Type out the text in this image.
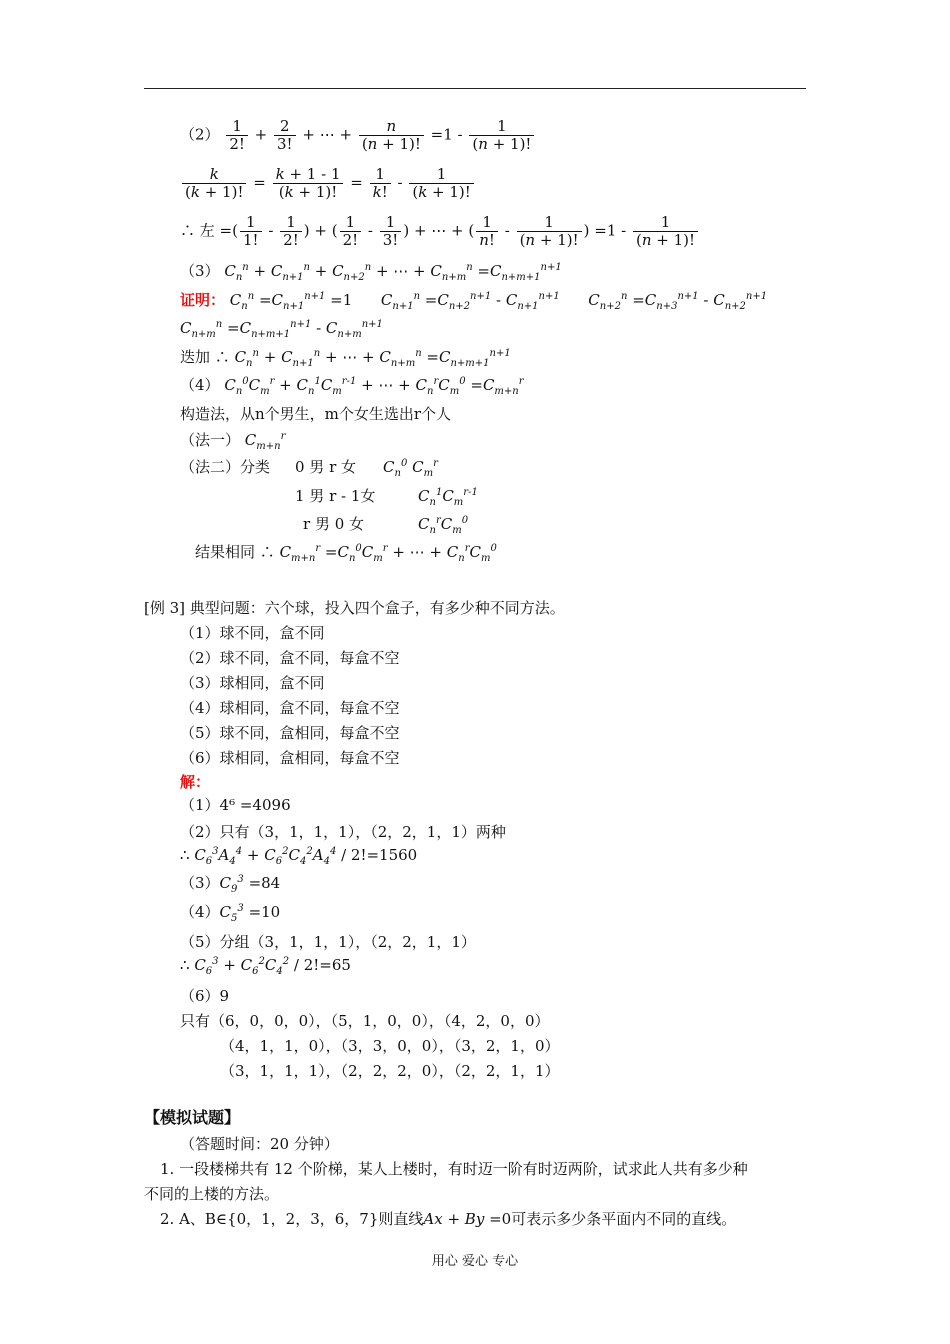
$(2) \frac{1}{2!} + \frac{2}{3!}$ + ⋯ + $\frac{n}{(n + 1)!} =1 - \frac{1}{(n + 1)!}$
$\frac{k}{(k + 1)!} = \frac{k + 1 - 1}{(k + 1)!} = \frac{1}{k!} - \frac{1}{(k + 1)!}$
∴ 左 =( $\frac{1}{1!} - \frac{1}{2!}$ ) + ( $\frac{1}{2!} - \frac{1}{3!}$ ) + ⋯ + ( $\frac{1}{n!} - \frac{1}{(n + 1)!}$ ) $=1 - \frac{1}{(n + 1)!}$
（3） $C_n^n + C_{n+1}^n + C_{n+2}^n$ + ⋯ + $C_{n+m}^n =C_{n+m+1}^{n+1}$
证明： $C_n^n =C_{n+1}^{n+1} =1$      $C_{n+1}^n =C_{n+2}^{n+1} - C_{n+1}^{n+1}$ $C_{n+2}^n =C_{n+3}^{n+1} - C_{n+2}^{n+1}$
$C_{n+m}^n =C_{n+m+1}^{n+1} - C_{n+m}^{n+1}$
迭加 ∴ $C_n^n + C_{n+1}^n$ + ⋯ + $C_{n+m}^n =C_{n+m+1}^{n+1}$
（4） $C_n^0C_m^r + C_n^1C_m^{r-1}$ + ⋯ + $C_n^rC_m^0 =C_{m+n}^r$
构造法，从n个男生，m个女生选出r个人
（法一） $C_{m+n}^r$
（法二）分类 0 男 r 女 $C_n^0$ $C_m^r$
1 男 r - 1女	$C_n^1C_m^{r-1}$
r 男 0 女	$C_n^rC_m^0$
结果相同 ∴ $C_{m+n}^r =C_n^0C_m^r$ + ⋯ + $C_n^rC_m^0$
[例 3] 典型问题：六个球，投入四个盒子，有多少种不同方法。
（1）球不同，盒不同
（2）球不同，盒不同，每盒不空
（3）球相同，盒不同
（4）球相同，盒不同，每盒不空
（5）球不同，盒相同，每盒不空
（6）球相同，盒相同，每盒不空
解：
（1）4⁶ =4096
（2）只有（3，1，1，1），（2，2，1，1）两种
∴ $C_6^3A_4^4 + C_6^2C_4^2A_4^4 / 2!=1560$
$(3)C_9^3 =84$
$(4)C_5^3 =10$
（5）分组（3，1，1，1），（2，2，1，1）
∴ $C_6^3 + C_6^2C_4^2 / 2!=65$
（6）9
只有（6，0，0，0），（5，1，0，0），（4，2，0，0）
（4，1，1，0），（3，3，0，0），（3，2，1，0）
（3，1，1，1），（2，2，2，0），（2，2，1，1）
【模拟试题】
（答题时间：20 分钟）
1. 一段楼梯共有 12 个阶梯，某人上楼时，有时迈一阶有时迈两阶，试求此人共有多少种
不同的上楼的方法。
2. A、B∈{0，1，2，3，6，7}则直线Ax + By =0可表示多少条平面内不同的直线。
用心 爱心 专心
